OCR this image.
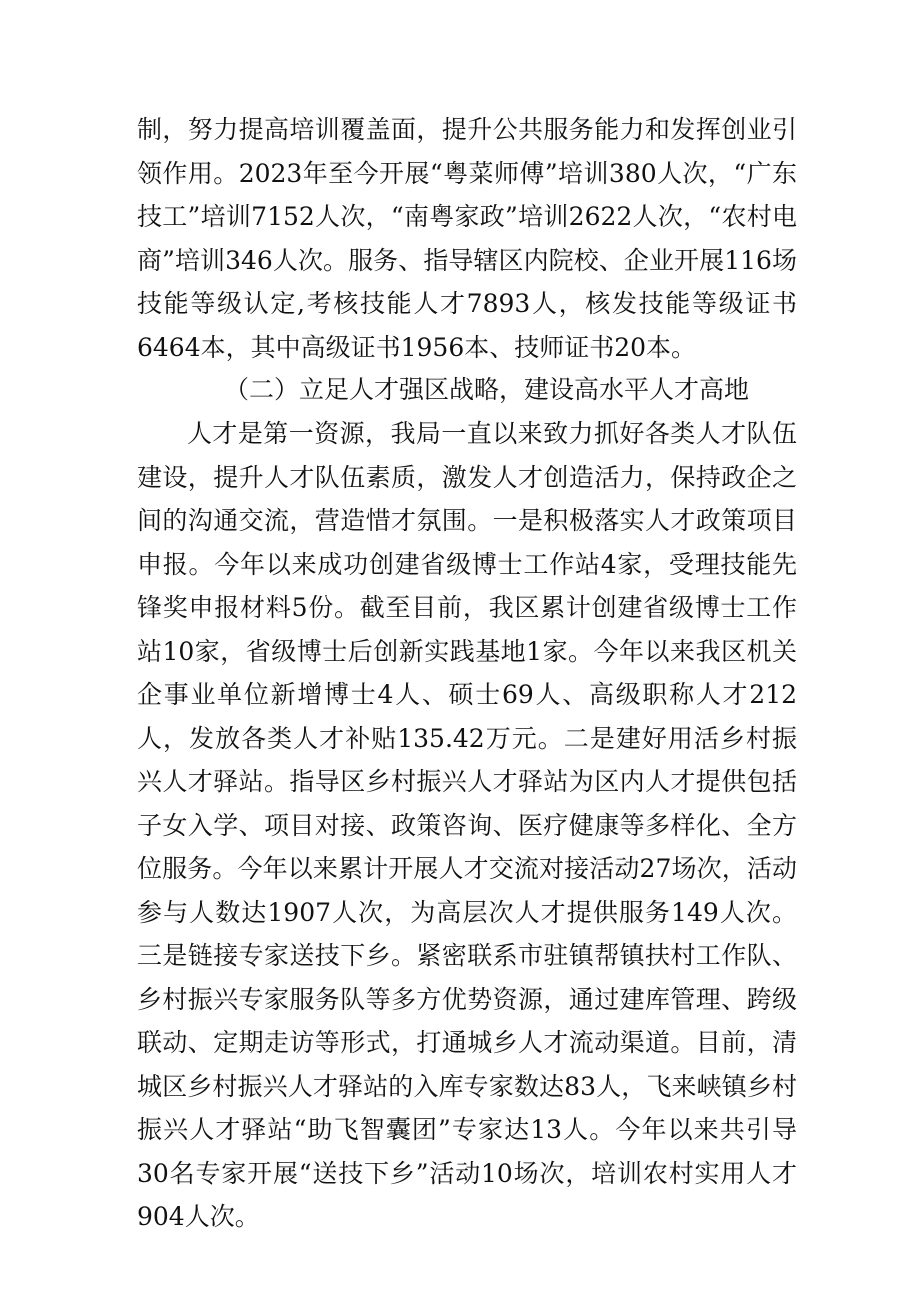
制，努力提高培训覆盖面，提升公共服务能力和发挥创业引领作用。2023年至今开展“粤菜师傅”培训380人次，“广东技工”培训7152人次，“南粤家政”培训2622人次，“农村电商”培训346人次。服务、指导辖区内院校、企业开展116场技能等级认定,考核技能人才7893人，核发技能等级证书6464本，其中高级证书1956本、技师证书20本。

（二）立足人才强区战略，建设高水平人才高地

人才是第一资源，我局一直以来致力抓好各类人才队伍建设，提升人才队伍素质，激发人才创造活力，保持政企之间的沟通交流，营造惜才氛围。一是积极落实人才政策项目申报。今年以来成功创建省级博士工作站4家，受理技能先锋奖申报材料5份。截至目前，我区累计创建省级博士工作站10家，省级博士后创新实践基地1家。今年以来我区机关企事业单位新增博士4人、硕士69人、高级职称人才212人，发放各类人才补贴135.42万元。二是建好用活乡村振兴人才驿站。指导区乡村振兴人才驿站为区内人才提供包括子女入学、项目对接、政策咨询、医疗健康等多样化、全方位服务。今年以来累计开展人才交流对接活动27场次，活动参与人数达1907人次，为高层次人才提供服务149人次。三是链接专家送技下乡。紧密联系市驻镇帮镇扶村工作队、乡村振兴专家服务队等多方优势资源，通过建库管理、跨级联动、定期走访等形式，打通城乡人才流动渠道。目前，清城区乡村振兴人才驿站的入库专家数达83人，飞来峡镇乡村振兴人才驿站“助飞智囊团”专家达13人。今年以来共引导30名专家开展“送技下乡”活动10场次，培训农村实用人才904人次。
